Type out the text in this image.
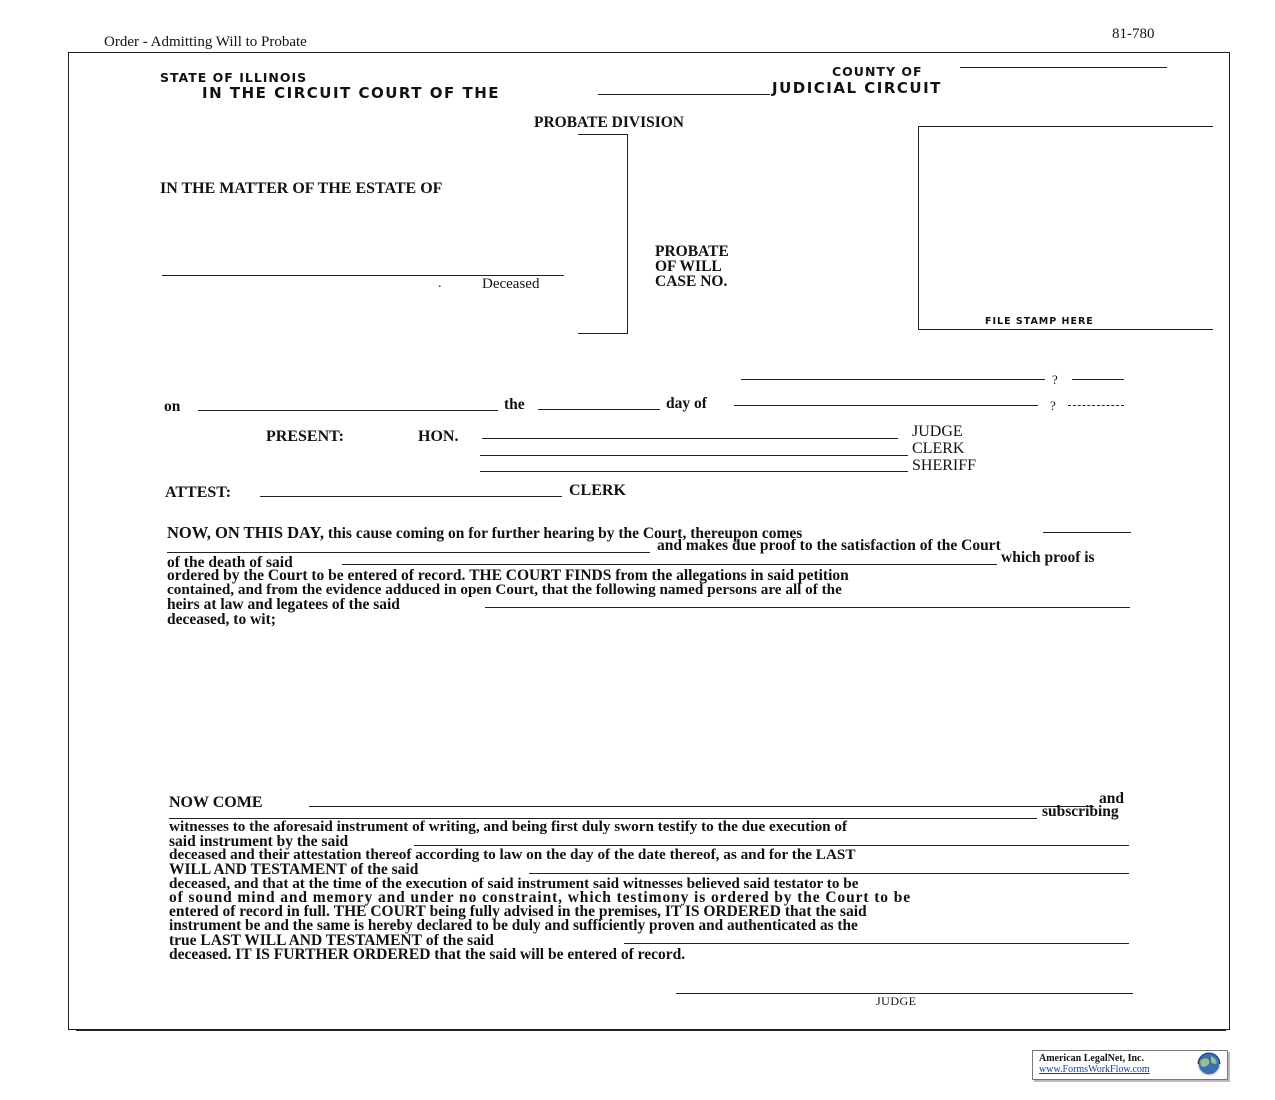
Order - Admitting Will to Probate	81-780
STATE OF ILLINOIS
IN THE CIRCUIT COURT OF THE
COUNTY OF
JUDICIAL CIRCUIT
PROBATE DIVISION
IN THE MATTER OF THE ESTATE OF
.	Deceased
PROBATE
OF WILL
CASE NO.
FILE STAMP HERE
?
on	the	day of	?
PRESENT:	HON.	JUDGE
CLERK
SHERIFF
ATTEST:	CLERK
NOW, ON THIS DAY, this cause coming on for further hearing by the Court, thereupon comes
and makes due proof to the satisfaction of the Court
of the death of said	which proof is
ordered by the Court to be entered of record. THE COURT FINDS from the allegations in said petition
contained, and from the evidence adduced in open Court, that the following named persons are all of the
heirs at law and legatees of the said
deceased, to wit;
NOW COME	and
subscribing
witnesses to the aforesaid instrument of writing, and being first duly sworn testify to the due execution of
said instrument by the said
deceased and their attestation thereof according to law on the day of the date thereof, as and for the LAST
WILL AND TESTAMENT of the said
deceased, and that at the time of the execution of said instrument said witnesses believed said testator to be
of sound mind and memory and under no constraint, which testimony is ordered by the Court to be
entered of record in full. THE COURT being fully advised in the premises, IT IS ORDERED that the said
instrument be and the same is hereby declared to be duly and sufficiently proven and authenticated as the
true LAST WILL AND TESTAMENT of the said
deceased. IT IS FURTHER ORDERED that the said will be entered of record.
JUDGE
American LegalNet, Inc.
www.FormsWorkFlow.com
